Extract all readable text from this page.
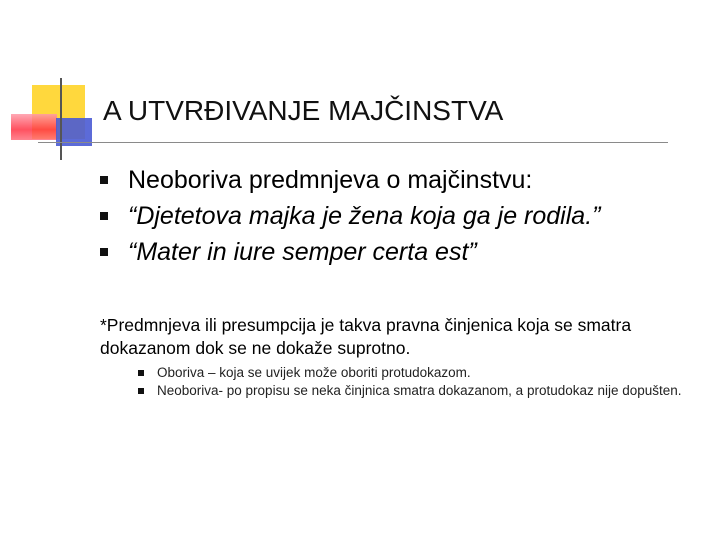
A UTVRĐIVANJE MAJČINSTVA
Neoboriva predmnjeva o majčinstvu:
“Djetetova majka je žena koja ga je rodila.”
“Mater in iure semper certa est”
*Predmnjeva ili presumpcija je takva pravna činjenica koja se smatra dokazanom dok se ne dokaže suprotno.
Oboriva – koja se uvijek može oboriti protudokazom.
Neoboriva- po propisu se neka činjnica smatra dokazanom, a protudokaz nije dopušten.
